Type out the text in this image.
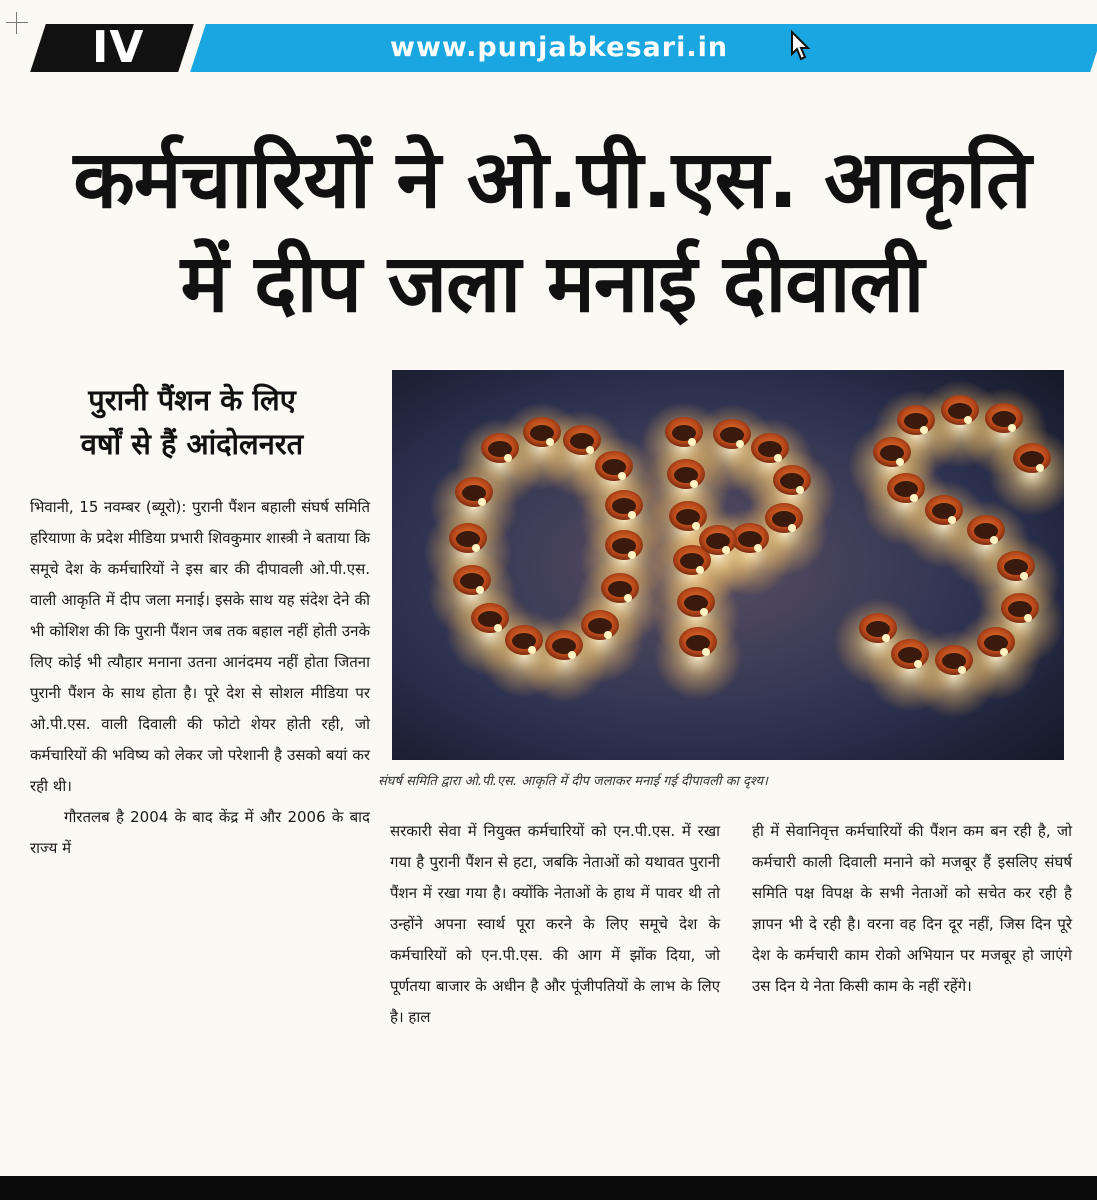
IV	www.punjabkesari.in
कर्मचारियों ने ओ.पी.एस. आकृति
में दीप जला मनाई दीवाली
पुरानी पैंशन के लिए
वर्षों से हैं आंदोलनरत
संघर्ष समिति द्वारा ओ.पी.एस. आकृति में दीप जलाकर मनाई गई दीपावली का दृश्य।

भिवानी, 15 नवम्बर (ब्यूरो): पुरानी पैंशन बहाली संघर्ष समिति हरियाणा के प्रदेश मीडिया प्रभारी शिवकुमार शास्त्री ने बताया कि समूचे देश के कर्मचारियों ने इस बार की दीपावली ओ.पी.एस. वाली आकृति में दीप जला मनाई। इसके साथ यह संदेश देने की भी कोशिश की कि पुरानी पैंशन जब तक बहाल नहीं होती उनके लिए कोई भी त्यौहार मनाना उतना आनंदमय नहीं होता जितना पुरानी पैंशन के साथ होता है। पूरे देश से सोशल मीडिया पर ओ.पी.एस. वाली दिवाली की फोटो शेयर होती रही, जो कर्मचारियों की भविष्य को लेकर जो परेशानी है उसको बयां कर रही थी।

गौरतलब है 2004 के बाद केंद्र में और 2006 के बाद राज्य में

सरकारी सेवा में नियुक्त कर्मचारियों को एन.पी.एस. में रखा गया है पुरानी पैंशन से हटा, जबकि नेताओं को यथावत पुरानी पैंशन में रखा गया है। क्योंकि नेताओं के हाथ में पावर थी तो उन्होंने अपना स्वार्थ पूरा करने के लिए समूचे देश के कर्मचारियों को एन.पी.एस. की आग में झोंक दिया, जो पूर्णतया बाजार के अधीन है और पूंजीपतियों के लाभ के लिए है। हाल

ही में सेवानिवृत्त कर्मचारियों की पैंशन कम बन रही है, जो कर्मचारी काली दिवाली मनाने को मजबूर हैं इसलिए संघर्ष समिति पक्ष विपक्ष के सभी नेताओं को सचेत कर रही है ज्ञापन भी दे रही है। वरना वह दिन दूर नहीं, जिस दिन पूरे देश के कर्मचारी काम रोको अभियान पर मजबूर हो जाएंगे उस दिन ये नेता किसी काम के नहीं रहेंगे।
